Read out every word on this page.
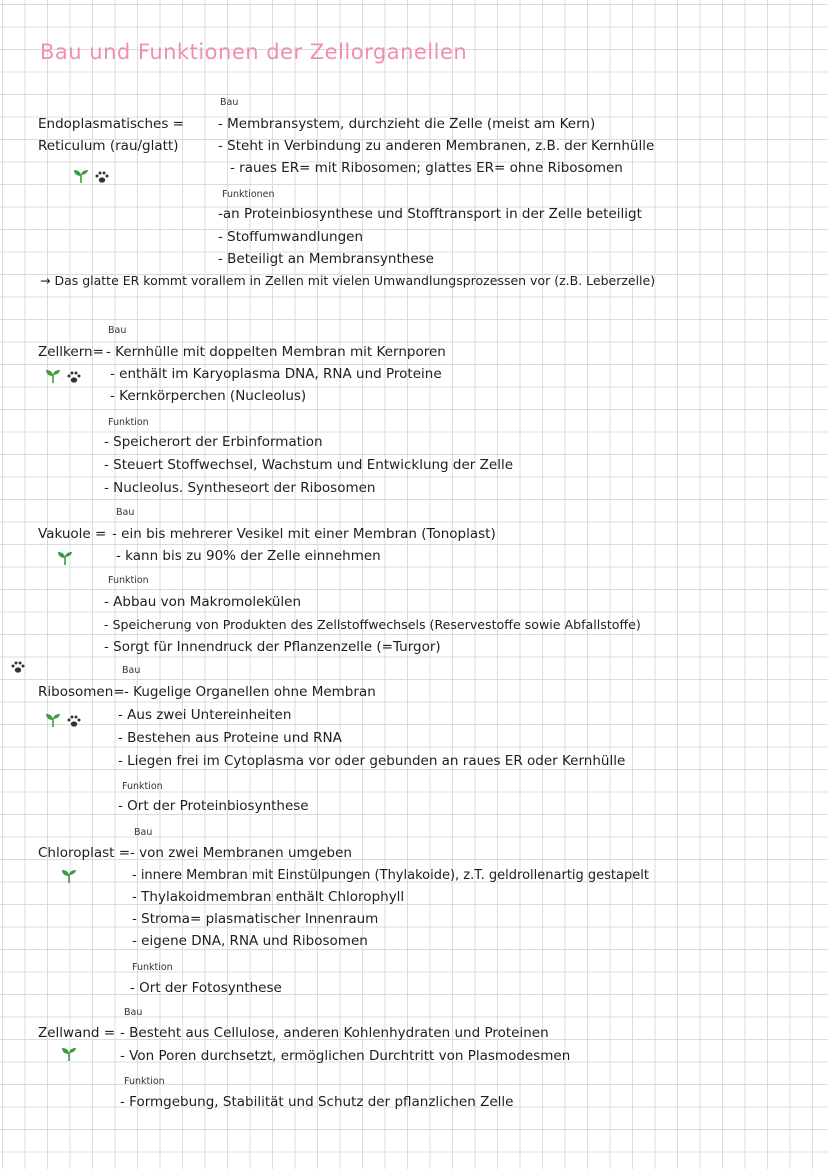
Bau und Funktionen der Zellorganellen
Bau
Endoplasmatisches =
Reticulum (rau/glatt)
- Membransystem, durchzieht die Zelle (meist am Kern)
- Steht in Verbindung zu anderen Membranen, z.B. der Kernhülle
- raues ER= mit Ribosomen; glattes ER= ohne Ribosomen
Funktionen
-an Proteinbiosynthese und Stofftransport in der Zelle beteiligt
- Stoffumwandlungen
- Beteiligt an Membransynthese
→ Das glatte ER kommt vorallem in Zellen mit vielen Umwandlungsprozessen vor (z.B. Leberzelle)
Bau
Zellkern= - Kernhülle mit doppelten Membran mit Kernporen
- enthält im Karyoplasma DNA, RNA und Proteine
- Kernkörperchen (Nucleolus)
Funktion
- Speicherort der Erbinformation
- Steuert Stoffwechsel, Wachstum und Entwicklung der Zelle
- Nucleolus. Syntheseort der Ribosomen
Bau
Vakuole = - ein bis mehrerer Vesikel mit einer Membran (Tonoplast)
- kann bis zu 90% der Zelle einnehmen
Funktion
- Abbau von Makromolekülen
- Speicherung von Produkten des Zellstoffwechsels (Reservestoffe sowie Abfallstoffe)
- Sorgt für Innendruck der Pflanzenzelle (=Turgor)
Bau
Ribosomen= - Kugelige Organellen ohne Membran
- Aus zwei Untereinheiten
- Bestehen aus Proteine und RNA
- Liegen frei im Cytoplasma vor oder gebunden an raues ER oder Kernhülle
Funktion
- Ort der Proteinbiosynthese
Bau
Chloroplast = - von zwei Membranen umgeben
- innere Membran mit Einstülpungen (Thylakoide), z.T. geldrollenartig gestapelt
- Thylakoidmembran enthält Chlorophyll
- Stroma= plasmatischer Innenraum
- eigene DNA, RNA und Ribosomen
Funktion
- Ort der Fotosynthese
Bau
Zellwand = - Besteht aus Cellulose, anderen Kohlenhydraten und Proteinen
- Von Poren durchsetzt, ermöglichen Durchtritt von Plasmodesmen
Funktion
- Formgebung, Stabilität und Schutz der pflanzlichen Zelle
